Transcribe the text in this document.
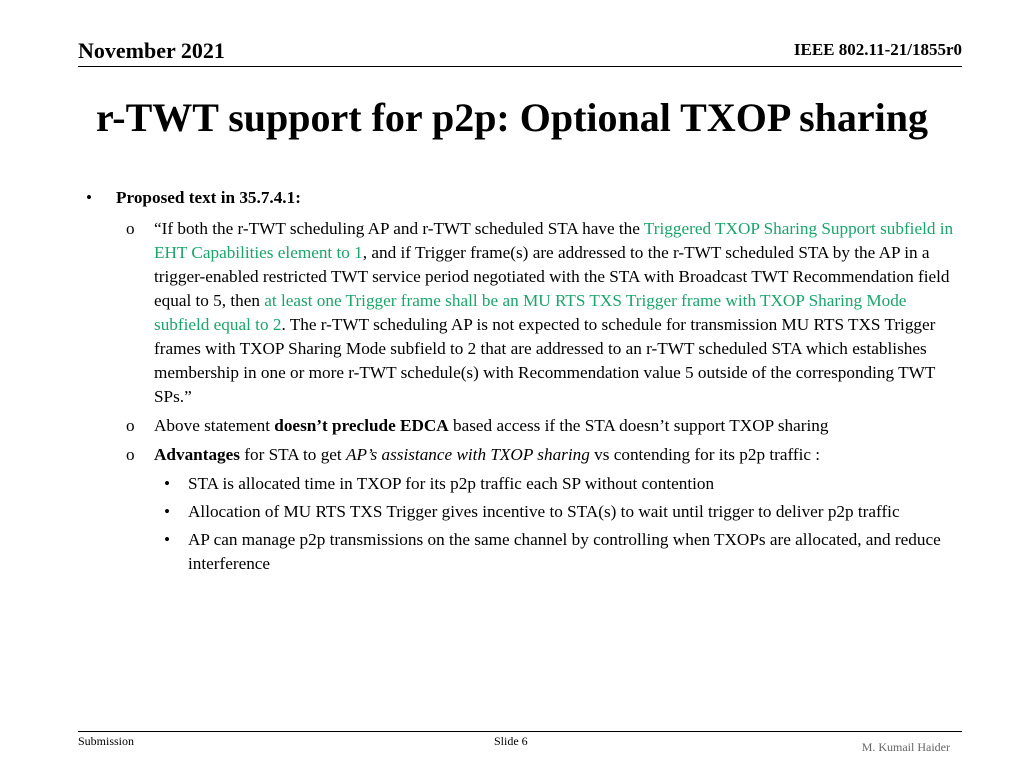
November 2021	IEEE 802.11-21/1855r0
r-TWT support for p2p: Optional TXOP sharing
• Proposed text in 35.7.4.1:
o “If both the r-TWT scheduling AP and r-TWT scheduled STA have the Triggered TXOP Sharing Support subfield in EHT Capabilities element to 1, and if Trigger frame(s) are addressed to the r-TWT scheduled STA by the AP in a trigger-enabled restricted TWT service period negotiated with the STA with Broadcast TWT Recommendation field equal to 5, then at least one Trigger frame shall be an MU RTS TXS Trigger frame with TXOP Sharing Mode subfield equal to 2. The r-TWT scheduling AP is not expected to schedule for transmission MU RTS TXS Trigger frames with TXOP Sharing Mode subfield to 2 that are addressed to an r-TWT scheduled STA which establishes membership in one or more r-TWT schedule(s) with Recommendation value 5 outside of the corresponding TWT SPs.”
o Above statement doesn’t preclude EDCA based access if the STA doesn’t support TXOP sharing
o Advantages for STA to get AP’s assistance with TXOP sharing vs contending for its p2p traffic :
• STA is allocated time in TXOP for its p2p traffic each SP without contention
• Allocation of MU RTS TXS Trigger gives incentive to STA(s) to wait until trigger to deliver p2p traffic
• AP can manage p2p transmissions on the same channel by controlling when TXOPs are allocated, and reduce interference
Submission	Slide 6	M. Kumail Haider
